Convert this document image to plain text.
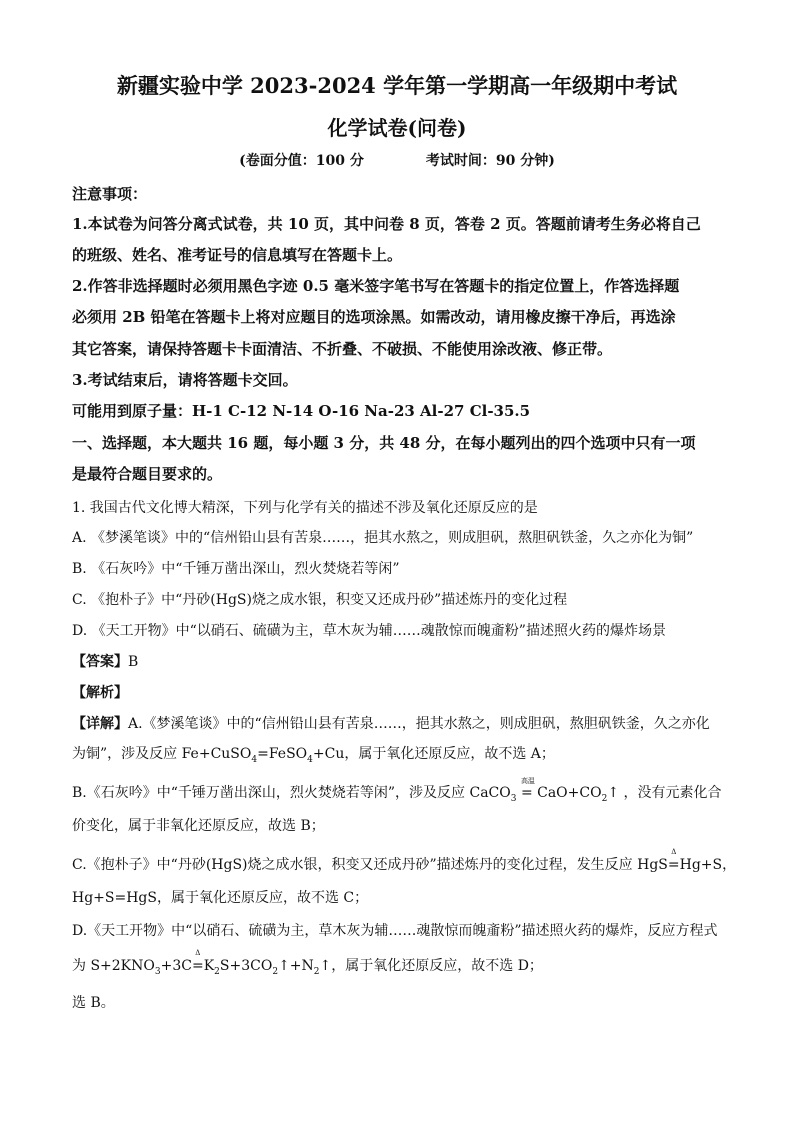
新疆实验中学 2023-2024 学年第一学期高一年级期中考试
化学试卷(问卷)
(卷面分值：100 分	考试时间：90 分钟)
注意事项：
1.本试卷为问答分离式试卷，共 10 页，其中问卷 8 页，答卷 2 页。答题前请考生务必将自己
的班级、姓名、准考证号的信息填写在答题卡上。
2.作答非选择题时必须用黑色字迹 0.5 毫米签字笔书写在答题卡的指定位置上，作答选择题
必须用 2B 铅笔在答题卡上将对应题目的选项涂黑。如需改动，请用橡皮擦干净后，再选涂
其它答案，请保持答题卡卡面清洁、不折叠、不破损、不能使用涂改液、修正带。
3.考试结束后，请将答题卡交回。
可能用到原子量：H-1 C-12 N-14 O-16 Na-23 Al-27 Cl-35.5
一、选择题，本大题共 16 题，每小题 3 分，共 48 分，在每小题列出的四个选项中只有一项
是最符合题目要求的。
1. 我国古代文化博大精深，下列与化学有关的描述不涉及氧化还原反应的是
A. 《梦溪笔谈》中的“信州铅山县有苦泉……，挹其水熬之，则成胆矾，熬胆矾铁釜，久之亦化为铜”
B. 《石灰吟》中“千锤万凿出深山，烈火焚烧若等闲”
C. 《抱朴子》中“丹砂(HgS)烧之成水银，积变又还成丹砂”描述炼丹的变化过程
D. 《天工开物》中“以硝石、硫磺为主，草木灰为辅……魂散惊而魄齑粉”描述照火药的爆炸场景
【答案】B
【解析】
【详解】A.《梦溪笔谈》中的“信州铅山县有苦泉……，挹其水熬之，则成胆矾，熬胆矾铁釜，久之亦化
为铜”，涉及反应 Fe+CuSO$_4$=FeSO$_4$+Cu，属于氧化还原反应，故不选 A；
B.《石灰吟》中“千锤万凿出深山，烈火焚烧若等闲”，涉及反应 CaCO$_3$
高温
= $CaO+CO_2↑$ ，没有元素化合
价变化，属于非氧化还原反应，故选 B；
C.《抱朴子》中“丹砂(HgS)烧之成水银，积变又还成丹砂”描述炼丹的变化过程，发生反应 HgS
Δ
=Hg+S，
Hg+S=HgS，属于氧化还原反应，故不选 C；
D.《天工开物》中“以硝石、硫磺为主，草木灰为辅……魂散惊而魄齑粉”描述照火药的爆炸，反应方程式
为 $S+2KNO_3+3C$
Δ
$=K_2S+3CO_2↑+N_2↑$，属于氧化还原反应，故不选 D；
选 B。
